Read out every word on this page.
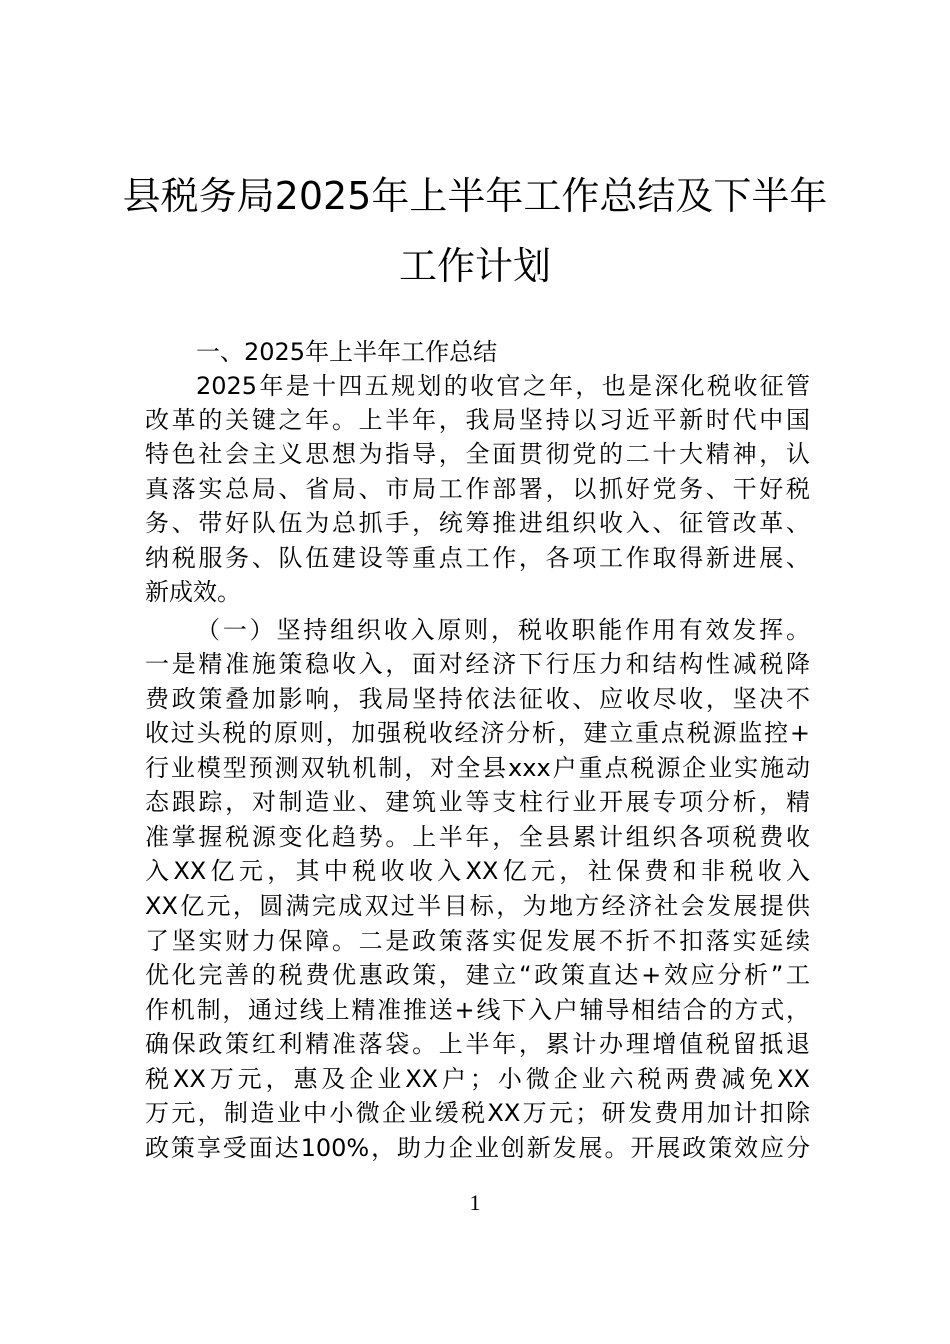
县税务局2025年上半年工作总结及下半年
工作计划
一、2025年上半年工作总结
2025年是十四五规划的收官之年，也是深化税收征管
改革的关键之年。上半年，我局坚持以习近平新时代中国
特色社会主义思想为指导，全面贯彻党的二十大精神，认
真落实总局、省局、市局工作部署，以抓好党务、干好税
务、带好队伍为总抓手，统筹推进组织收入、征管改革、
纳税服务、队伍建设等重点工作，各项工作取得新进展、
新成效。
（一）坚持组织收入原则，税收职能作用有效发挥。
一是精准施策稳收入，面对经济下行压力和结构性减税降
费政策叠加影响，我局坚持依法征收、应收尽收，坚决不
收过头税的原则，加强税收经济分析，建立重点税源监控+
行业模型预测双轨机制，对全县xxx户重点税源企业实施动
态跟踪，对制造业、建筑业等支柱行业开展专项分析，精
准掌握税源变化趋势。上半年，全县累计组织各项税费收
入XX亿元，其中税收收入XX亿元，社保费和非税收入
XX亿元，圆满完成双过半目标，为地方经济社会发展提供
了坚实财力保障。二是政策落实促发展不折不扣落实延续
优化完善的税费优惠政策，建立“政策直达+效应分析”工
作机制，通过线上精准推送+线下入户辅导相结合的方式，
确保政策红利精准落袋。上半年，累计办理增值税留抵退
税XX万元，惠及企业XX户；小微企业六税两费减免XX
万元，制造业中小微企业缓税XX万元；研发费用加计扣除
政策享受面达100%，助力企业创新发展。开展政策效应分
1
